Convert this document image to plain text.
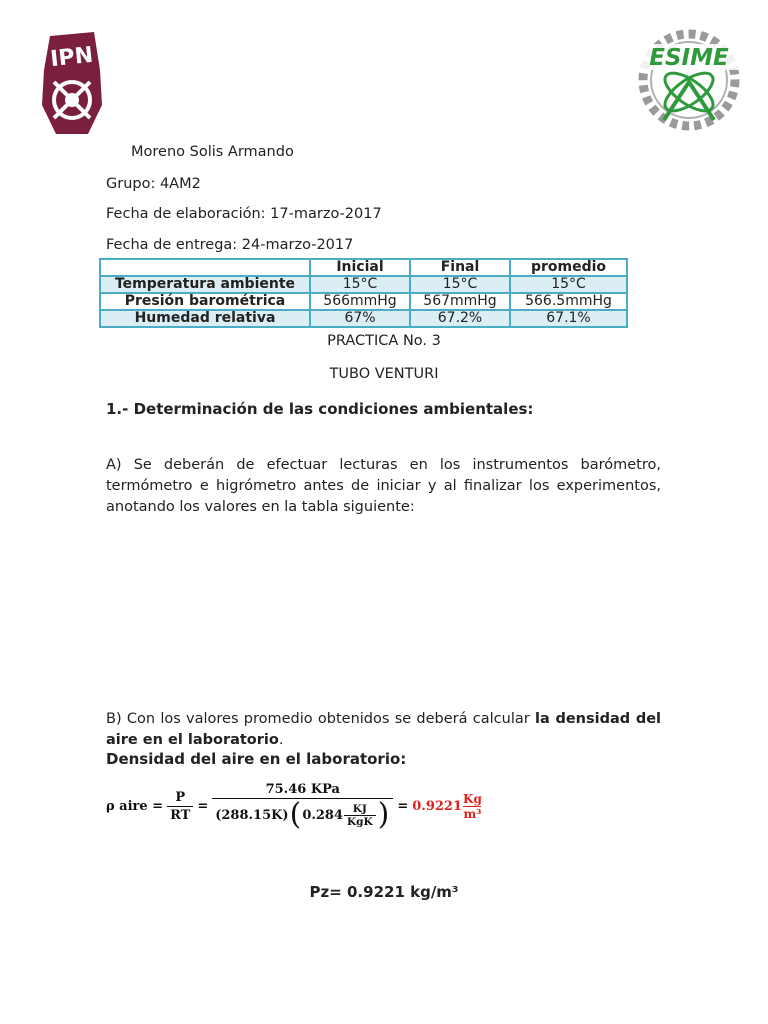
IPN	ESIME
Moreno Solis Armando
Grupo: 4AM2
Fecha de elaboración: 17-marzo-2017
Fecha de entrega: 24-marzo-2017
	Inicial	Final	promedio
Temperatura ambiente	15°C	15°C	15°C
Presión barométrica	566mmHg	567mmHg	566.5mmHg
Humedad relativa	67%	67.2%	67.1%
PRACTICA No. 3
TUBO VENTURI
1.- Determinación de las condiciones ambientales:
A) Se deberán de efectuar lecturas en los instrumentos barómetro, termómetro e higrómetro antes de iniciar y al finalizar los experimentos, anotando los valores en la tabla siguiente:
B) Con los valores promedio obtenidos se deberá calcular la densidad del aire en el laboratorio.
Densidad del aire en el laboratorio:
ρ aire = $\frac{P}{RT}$ =
75.46 KPa
(288.15K) ( 0.284 KJ
KgK ) = 0.9221 Kg
m³
Pz= 0.9221 kg/m³
